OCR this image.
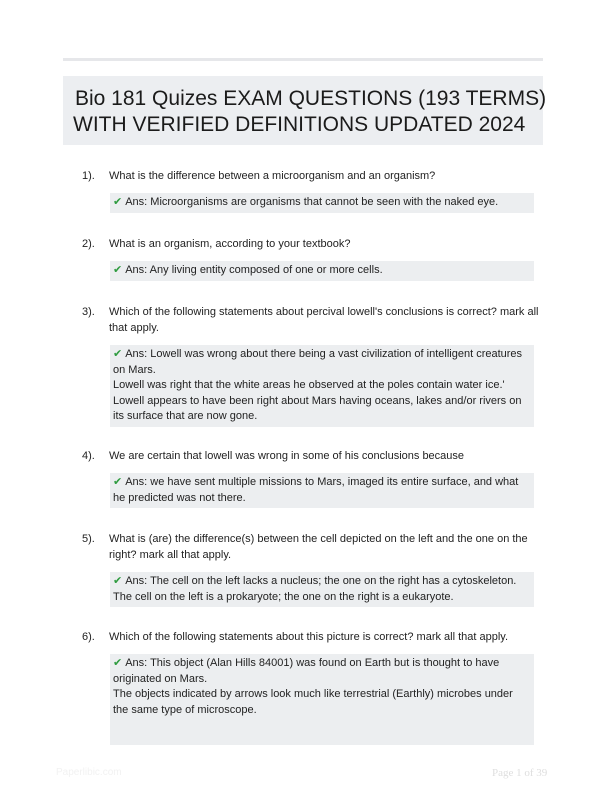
Bio 181 Quizes EXAM QUESTIONS (193 TERMS)
WITH VERIFIED DEFINITIONS UPDATED 2024
1).	What is the difference between a microorganism and an organism?
✔ Ans: Microorganisms are organisms that cannot be seen with the naked eye.
2).	What is an organism, according to your textbook?
✔ Ans: Any living entity composed of one or more cells.
3).	Which of the following statements about percival lowell's conclusions is correct? mark all that apply.
✔ Ans: Lowell was wrong about there being a vast civilization of intelligent creatures on Mars.
Lowell was right that the white areas he observed at the poles contain water ice.'
Lowell appears to have been right about Mars having oceans, lakes and/or rivers on its surface that are now gone.
4).	We are certain that lowell was wrong in some of his conclusions because
✔ Ans: we have sent multiple missions to Mars, imaged its entire surface, and what he predicted was not there.
5).	What is (are) the difference(s) between the cell depicted on the left and the one on the right? mark all that apply.
✔ Ans: The cell on the left lacks a nucleus; the one on the right has a cytoskeleton.
The cell on the left is a prokaryote; the one on the right is a eukaryote.
6).	Which of the following statements about this picture is correct? mark all that apply.
✔ Ans: This object (Alan Hills 84001) was found on Earth but is thought to have originated on Mars.
The objects indicated by arrows look much like terrestrial (Earthly) microbes under the same type of microscope.
Paperlibic.com	Page 1 of 39
